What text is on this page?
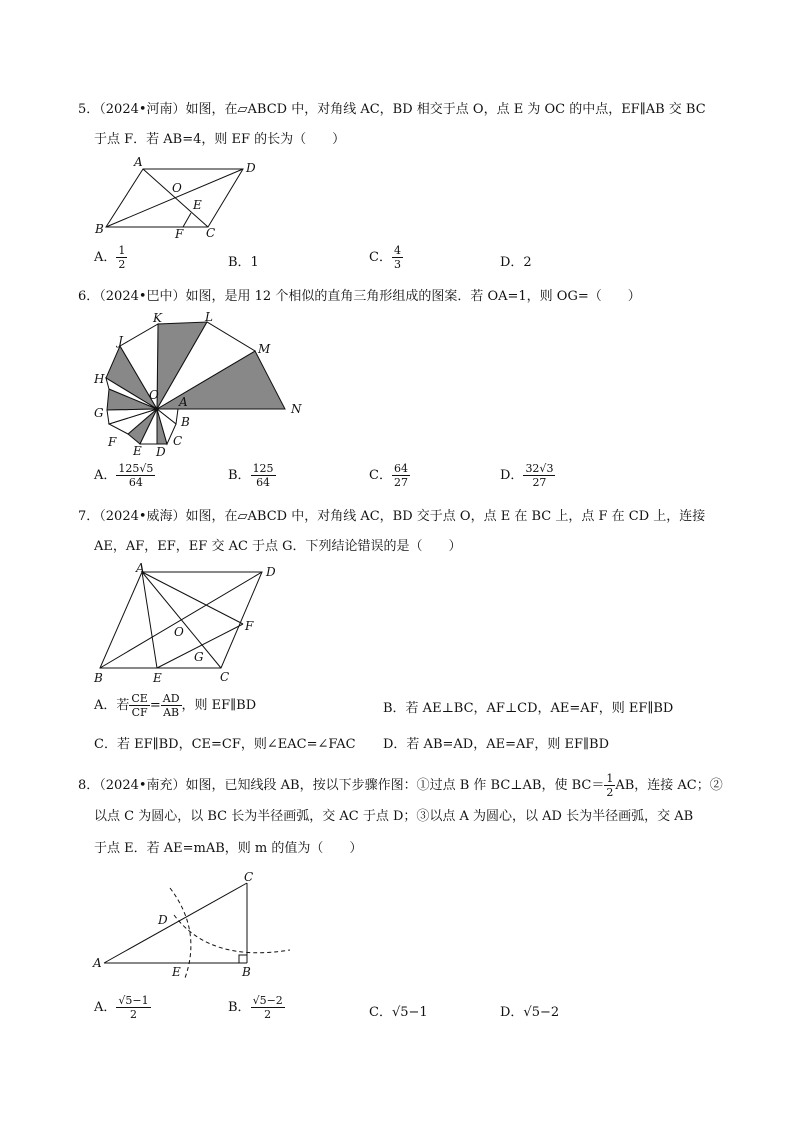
5．（2024•河南）如图，在▱ABCD 中，对角线 AC，BD 相交于点 O，点 E 为 OC 的中点，EF∥AB 交 BC
于点 F．若 AB=4，则 EF 的长为（　　）
A	D
O
E
B	F C
A． $\frac{1}{2}$	B．1	C． $\frac{4}{3}$	D．2
6．（2024•巴中）如图，是用 12 个相似的直角三角形组成的图案．若 OA=1，则 OG=（　　）
K	L
J
M
H
O A
G
B
N
F
E D
C
A． $\frac{125√5}{64}$	B． $\frac{125}{64}$	C． $\frac{64}{27}$	D． $\frac{32√3}{27}$
7．（2024•威海）如图，在▱ABCD 中，对角线 AC，BD 交于点 O，点 E 在 BC 上，点 F 在 CD 上，连接
AE，AF，EF，EF 交 AC 于点 G．下列结论错误的是（　　）
A	D
O	F
G
B	E	C
A．若 $\frac{CE}{CF} = \frac{AD}{AB}$ ，则 EF∥BD	B．若 AE⊥BC，AF⊥CD，AE=AF，则 EF∥BD
C．若 EF∥BD，CE=CF，则∠EAC=∠FAC D．若 AB=AD，AE=AF，则 EF∥BD
8．（2024•南充）如图，已知线段 AB，按以下步骤作图：①过点 B 作 BC⊥AB，使 $BC= \frac{1}{2}$ AB，连接 AC；②
以点 C 为圆心，以 BC 长为半径画弧，交 AC 于点 D；③以点 A 为圆心，以 AD 长为半径画弧，交 AB
于点 E．若 AE=mAB，则 m 的值为（　　）
C
D
A
E	B
A． $\frac{√5-1}{2}$	B． $\frac{√5-2}{2}$	C．√5−1	D．√5−2
